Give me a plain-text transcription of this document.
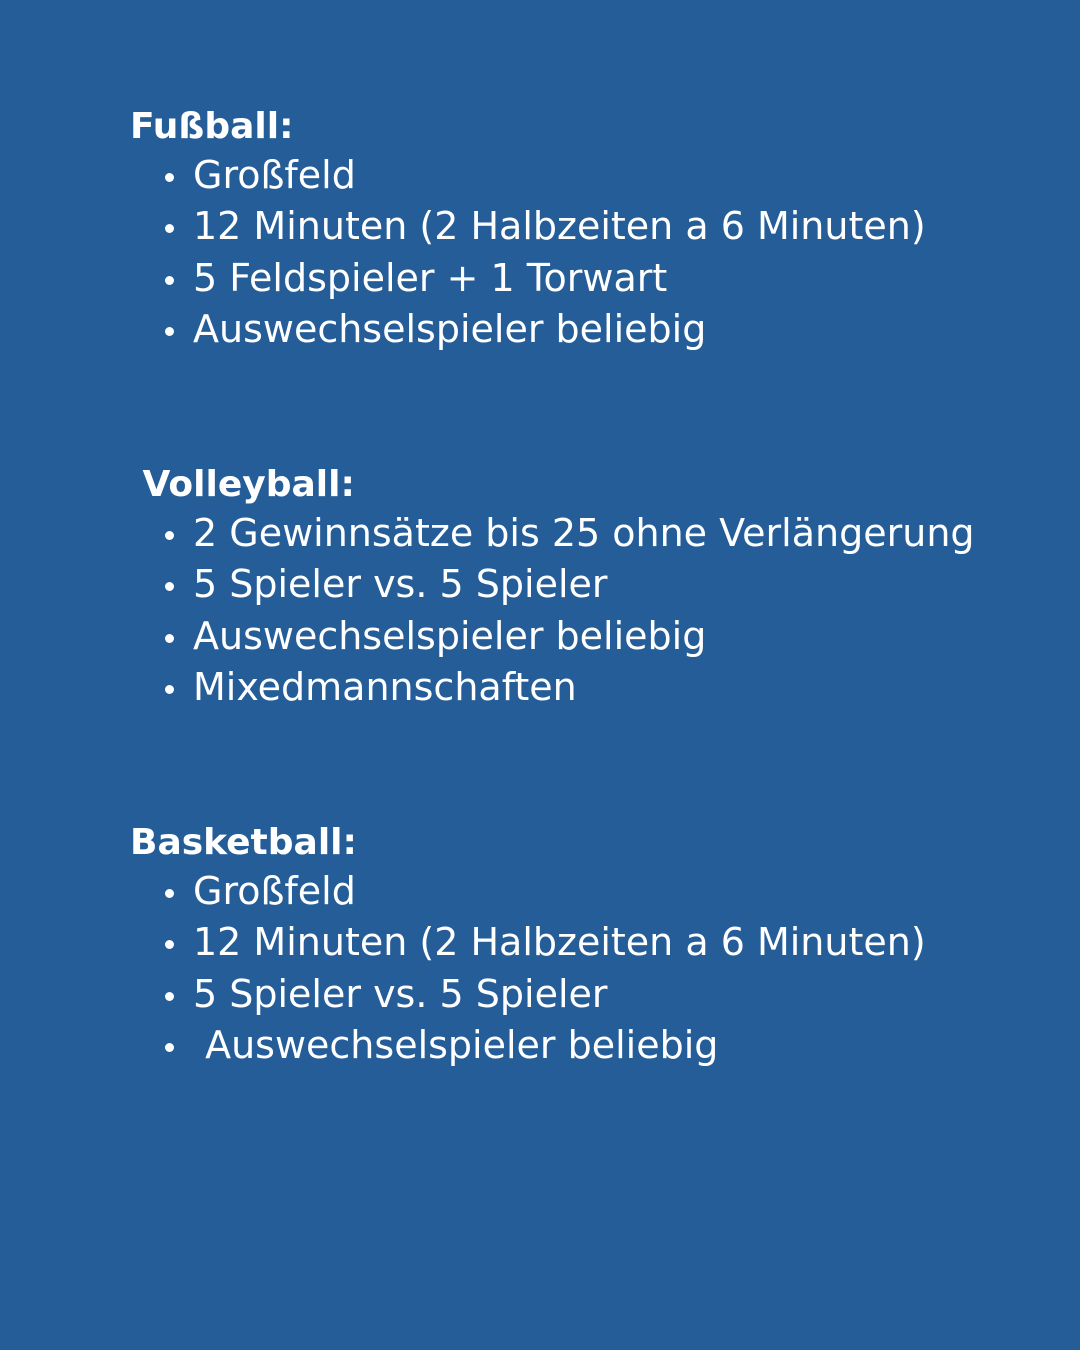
Fußball:
Großfeld
12 Minuten (2 Halbzeiten a 6 Minuten)
5 Feldspieler + 1 Torwart
Auswechselspieler beliebig
Volleyball:
2 Gewinnsätze bis 25 ohne Verlängerung
5 Spieler vs. 5 Spieler
Auswechselspieler beliebig
Mixedmannschaften
Basketball:
Großfeld
12 Minuten (2 Halbzeiten a 6 Minuten)
5 Spieler vs. 5 Spieler
Auswechselspieler beliebig
